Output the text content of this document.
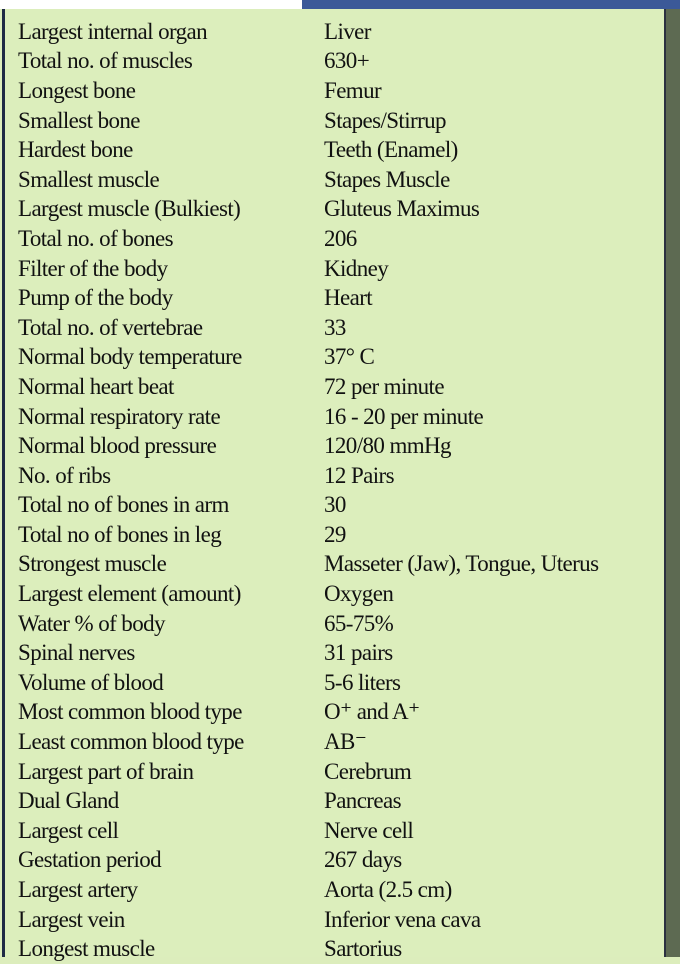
Largest internal organ	Liver
Total no. of muscles	630+
Longest bone	Femur
Smallest bone	Stapes/Stirrup
Hardest bone	Teeth (Enamel)
Smallest muscle	Stapes Muscle
Largest muscle (Bulkiest)	Gluteus Maximus
Total no. of bones	206
Filter of the body	Kidney
Pump of the body	Heart
Total no. of vertebrae	33
Normal body temperature	37° C
Normal heart beat	72 per minute
Normal respiratory rate	16 - 20 per minute
Normal blood pressure	120/80 mmHg
No. of ribs	12 Pairs
Total no of bones in arm	30
Total no of bones in leg	29
Strongest muscle	Masseter (Jaw), Tongue, Uterus
Largest element (amount)	Oxygen
Water % of body	65-75%
Spinal nerves	31 pairs
Volume of blood	5-6 liters
Most common blood type	O⁺ and A⁺
Least common blood type	AB⁻
Largest part of brain	Cerebrum
Dual Gland	Pancreas
Largest cell	Nerve cell
Gestation period	267 days
Largest artery	Aorta (2.5 cm)
Largest vein	Inferior vena cava
Longest muscle	Sartorius
